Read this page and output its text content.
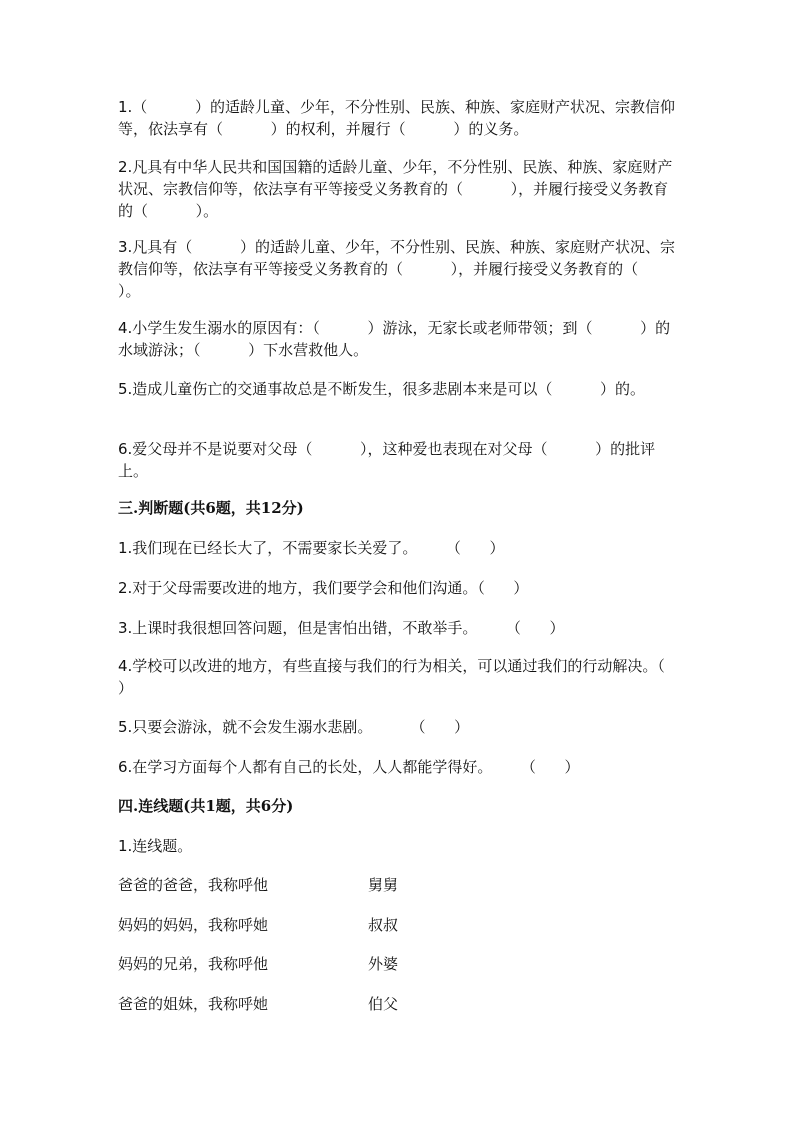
1.（          ）的适龄儿童、少年，不分性别、民族、种族、家庭财产状况、宗教信仰等，依法享有（          ）的权利，并履行（          ）的义务。
2.凡具有中华人民共和国国籍的适龄儿童、少年，不分性别、民族、种族、家庭财产状况、宗教信仰等，依法享有平等接受义务教育的（          ），并履行接受义务教育的（          ）。
3.凡具有（          ）的适龄儿童、少年，不分性别、民族、种族、家庭财产状况、宗教信仰等，依法享有平等接受义务教育的（          ），并履行接受义务教育的（          ）。
4.小学生发生溺水的原因有：（          ）游泳，无家长或老师带领；到（          ）的水域游泳；（          ）下水营救他人。
5.造成儿童伤亡的交通事故总是不断发生，很多悲剧本来是可以（          ）的。
6.爱父母并不是说要对父母（          ），这种爱也表现在对父母（          ）的批评上。
三.判断题(共6题，共12分)
1.我们现在已经长大了，不需要家长关爱了。      （      ）
2.对于父母需要改进的地方，我们要学会和他们沟通。（      ）
3.上课时我很想回答问题，但是害怕出错，不敢举手。      （      ）
4.学校可以改进的地方，有些直接与我们的行为相关，可以通过我们的行动解决。（      ）
5.只要会游泳，就不会发生溺水悲剧。        （      ）
6.在学习方面每个人都有自己的长处，人人都能学得好。      （      ）
四.连线题(共1题，共6分)
1.连线题。
爸爸的爸爸，我称呼他	舅舅
妈妈的妈妈，我称呼她	叔叔
妈妈的兄弟，我称呼他	外婆
爸爸的姐妹，我称呼她	伯父
